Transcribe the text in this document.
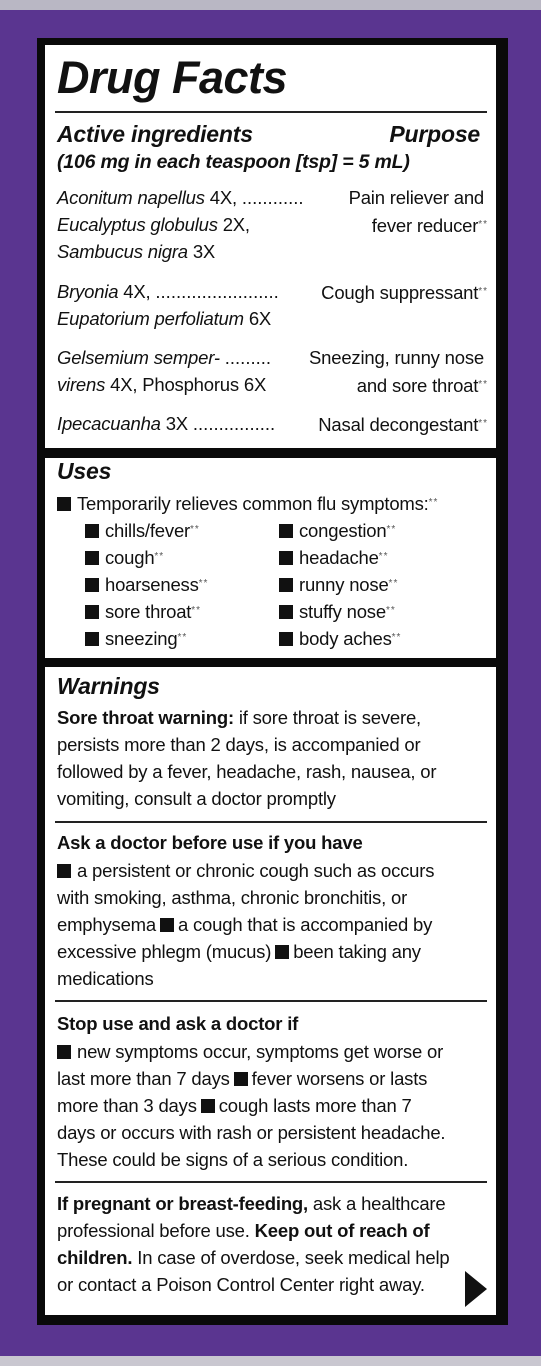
Drug Facts
Active ingredients	Purpose
(106 mg in each teaspoon [tsp] = 5 mL)
Aconitum napellus 4X, ............ Pain reliever and
Eucalyptus globulus 2X,	fever reducer**
Sambucus nigra 3X
Bryonia 4X, ........................ Cough suppressant**
Eupatorium perfoliatum 6X
Gelsemium semper- ......... Sneezing, runny nose
virens 4X, Phosphorus 6X	and sore throat**
Ipecacuanha 3X ................ Nasal decongestant**
Uses
Temporarily relieves common flu symptoms:**
chills/fever**
cough**
hoarseness**
sore throat**
sneezing**
congestion**
headache**
runny nose**
stuffy nose**
body aches**
Warnings
Sore throat warning: if sore throat is severe,
persists more than 2 days, is accompanied or
followed by a fever, headache, rash, nausea, or
vomiting, consult a doctor promptly
Ask a doctor before use if you have
a persistent or chronic cough such as occurs
with smoking, asthma, chronic bronchitis, or
emphysema a cough that is accompanied by
excessive phlegm (mucus) been taking any
medications
Stop use and ask a doctor if
new symptoms occur, symptoms get worse or
last more than 7 days fever worsens or lasts
more than 3 days cough lasts more than 7
days or occurs with rash or persistent headache.
These could be signs of a serious condition.
If pregnant or breast-feeding, ask a healthcare
professional before use. Keep out of reach of
children. In case of overdose, seek medical help
or contact a Poison Control Center right away.
